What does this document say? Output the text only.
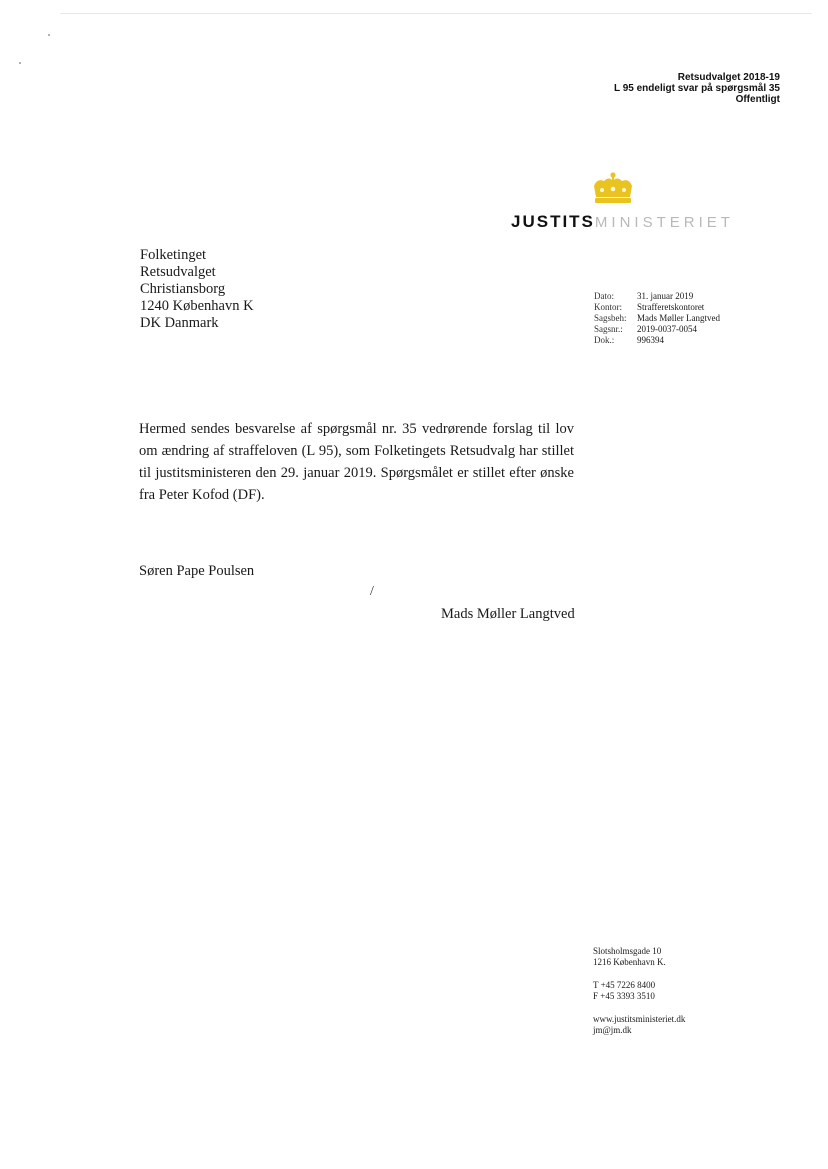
Retsudvalget 2018-19
L 95 endeligt svar på spørgsmål 35
Offentligt
JUSTITSMINISTERIET
Folketinget
Retsudvalget
Christiansborg
1240 København K
DK Danmark
Dato:	31. januar 2019
Kontor:	Strafferetskontoret
Sagsbeh:	Mads Møller Langtved
Sagsnr.:	2019-0037-0054
Dok.:	996394
Hermed sendes besvarelse af spørgsmål nr. 35 vedrørende forslag til lov om ændring af straffeloven (L 95), som Folketingets Retsudvalg har stillet til justitsministeren den 29. januar 2019. Spørgsmålet er stillet efter ønske fra Peter Kofod (DF).
Søren Pape Poulsen
/
Mads Møller Langtved
Slotsholmsgade 10
1216 København K.
T +45 7226 8400
F +45 3393 3510
www.justitsministeriet.dk
jm@jm.dk
